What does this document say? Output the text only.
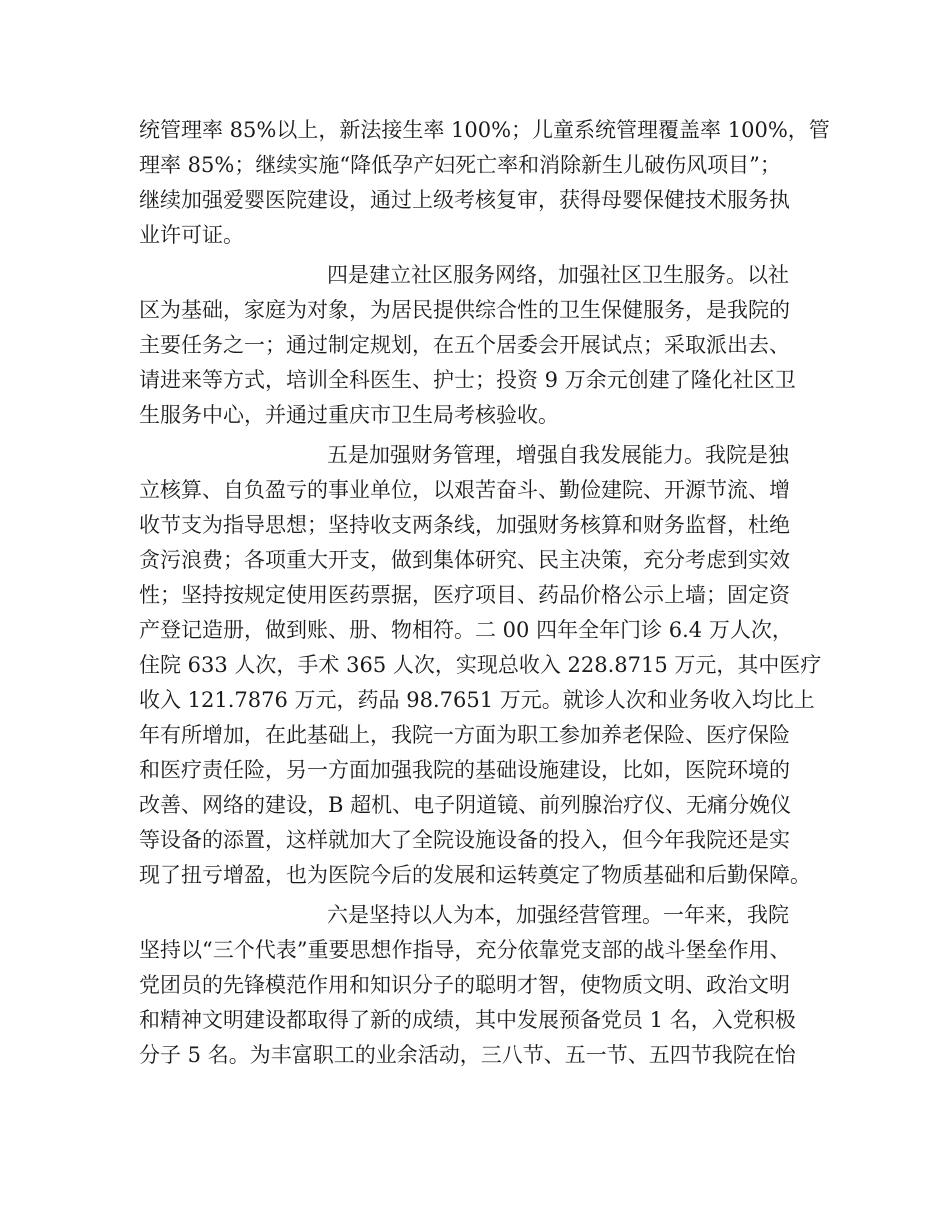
统管理率 85%以上，新法接生率 100%；儿童系统管理覆盖率 100%，管

理率 85%；继续实施“降低孕产妇死亡率和消除新生儿破伤风项目”；

继续加强爱婴医院建设，通过上级考核复审，获得母婴保健技术服务执

业许可证。

四是建立社区服务网络，加强社区卫生服务。以社

区为基础，家庭为对象，为居民提供综合性的卫生保健服务，是我院的

主要任务之一；通过制定规划，在五个居委会开展试点；采取派出去、

请进来等方式，培训全科医生、护士；投资 9 万余元创建了隆化社区卫

生服务中心，并通过重庆市卫生局考核验收。

五是加强财务管理，增强自我发展能力。我院是独

立核算、自负盈亏的事业单位，以艰苦奋斗、勤俭建院、开源节流、增

收节支为指导思想；坚持收支两条线，加强财务核算和财务监督，杜绝

贪污浪费；各项重大开支，做到集体研究、民主决策，充分考虑到实效

性；坚持按规定使用医药票据，医疗项目、药品价格公示上墙；固定资

产登记造册，做到账、册、物相符。二 00 四年全年门诊 6.4 万人次，

住院 633 人次，手术 365 人次，实现总收入 228.8715 万元，其中医疗

收入 121.7876 万元，药品 98.7651 万元。就诊人次和业务收入均比上

年有所增加，在此基础上，我院一方面为职工参加养老保险、医疗保险

和医疗责任险，另一方面加强我院的基础设施建设，比如，医院环境的

改善、网络的建设，B 超机、电子阴道镜、前列腺治疗仪、无痛分娩仪

等设备的添置，这样就加大了全院设施设备的投入，但今年我院还是实

现了扭亏增盈，也为医院今后的发展和运转奠定了物质基础和后勤保障。

六是坚持以人为本，加强经营管理。一年来，我院

坚持以“三个代表”重要思想作指导，充分依靠党支部的战斗堡垒作用、

党团员的先锋模范作用和知识分子的聪明才智，使物质文明、政治文明

和精神文明建设都取得了新的成绩，其中发展预备党员 1 名，入党积极

分子 5 名。为丰富职工的业余活动，三八节、五一节、五四节我院在怡
